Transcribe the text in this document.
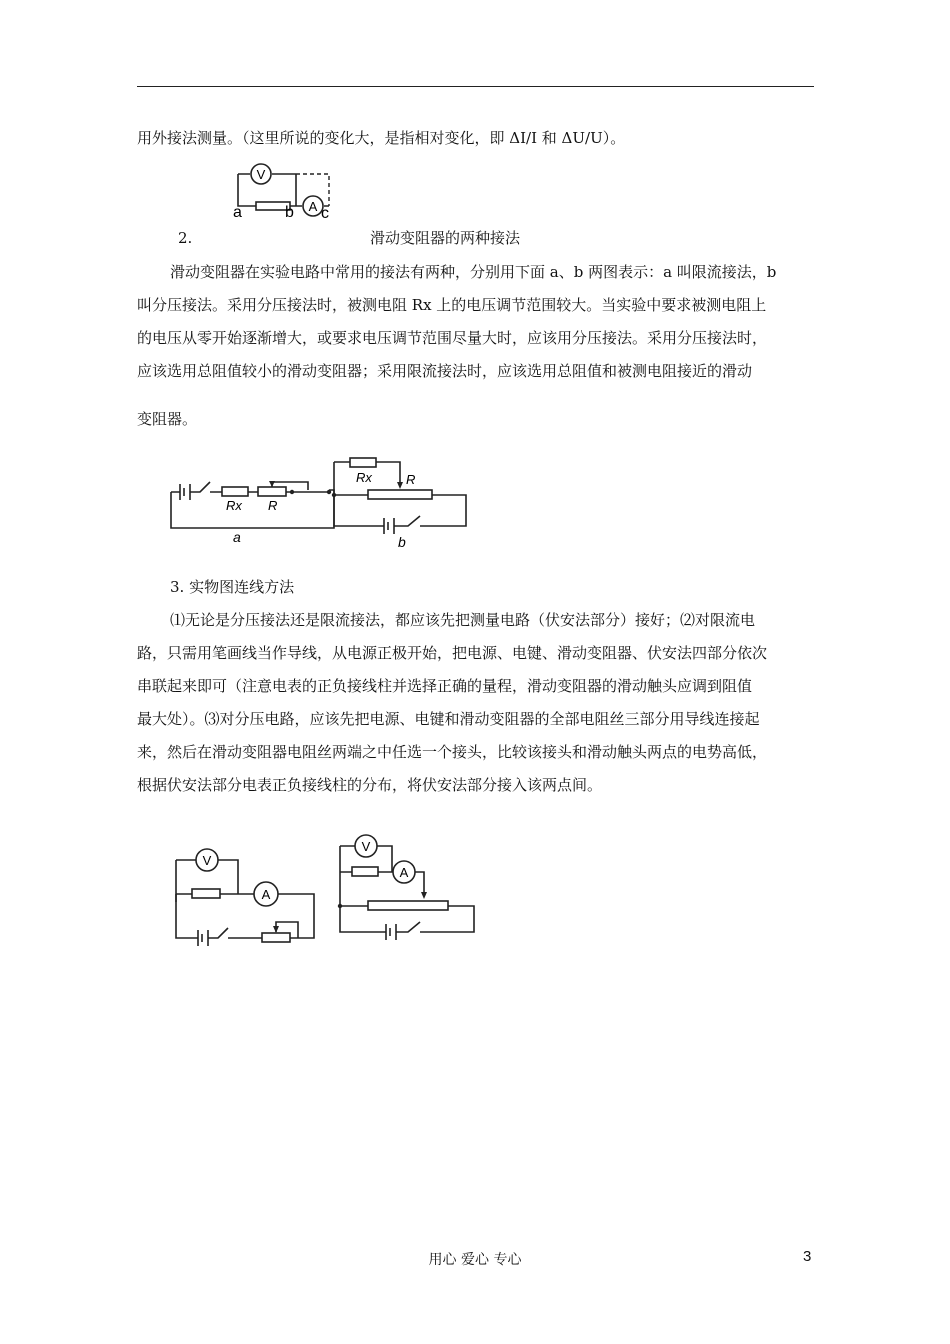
用外接法测量。（这里所说的变化大，是指相对变化，即 ΔI/I 和 ΔU/U）。
V
A
a	b c
2.	滑动变阻器的两种接法
滑动变阻器在实验电路中常用的接法有两种，分别用下面 a、b 两图表示：a 叫限流接法，b
叫分压接法。采用分压接法时，被测电阻 Rx 上的电压调节范围较大。当实验中要求被测电阻上
的电压从零开始逐渐增大，或要求电压调节范围尽量大时，应该用分压接法。采用分压接法时，
应该选用总阻值较小的滑动变阻器；采用限流接法时，应该选用总阻值和被测电阻接近的滑动
变阻器。
Rx R
a
Rx	R
b
3. 实物图连线方法
⑴无论是分压接法还是限流接法，都应该先把测量电路（伏安法部分）接好；⑵对限流电
路，只需用笔画线当作导线，从电源正极开始，把电源、电键、滑动变阻器、伏安法四部分依次
串联起来即可（注意电表的正负接线柱并选择正确的量程，滑动变阻器的滑动触头应调到阻值
最大处）。⑶对分压电路，应该先把电源、电键和滑动变阻器的全部电阻丝三部分用导线连接起
来，然后在滑动变阻器电阻丝两端之中任选一个接头，比较该接头和滑动触头两点的电势高低，
根据伏安法部分电表正负接线柱的分布，将伏安法部分接入该两点间。
V
A
V
A
用心 爱心 专心	3
